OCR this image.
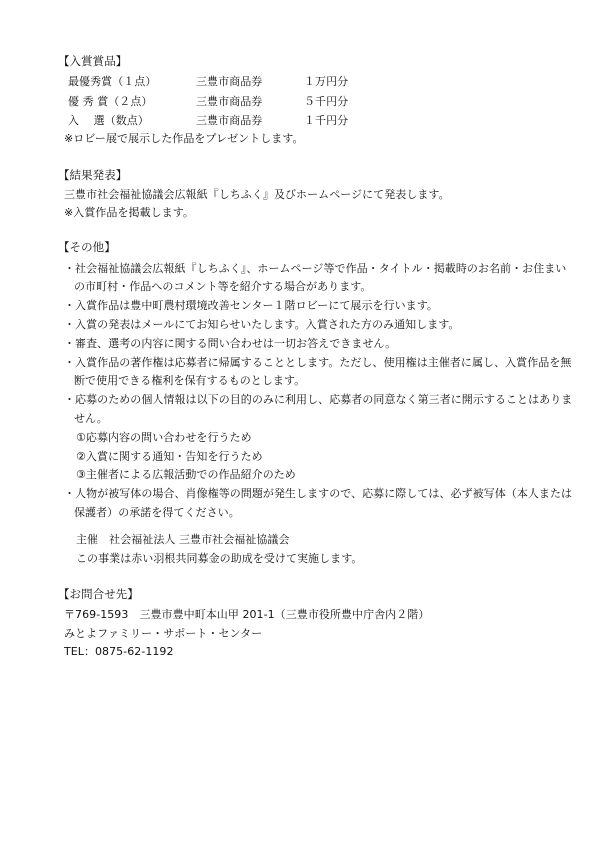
【入賞賞品】
最優秀賞（１点）	三豊市商品券	１万円分
優 秀 賞（２点）	三豊市商品券	５千円分
入　 選（数点）	三豊市商品券	１千円分
※ロビー展で展示した作品をプレゼントします。
【結果発表】
三豊市社会福祉協議会広報紙『しちふく』及びホームページにて発表します。
※入賞作品を掲載します。
【その他】
・社会福祉協議会広報紙『しちふく』、ホームページ等で作品・タイトル・掲載時のお名前・お住まい
の市町村・作品へのコメント等を紹介する場合があります。
・入賞作品は豊中町農村環境改善センター１階ロビーにて展示を行います。
・入賞の発表はメールにてお知らせいたします。入賞された方のみ通知します。
・審査、選考の内容に関する問い合わせは一切お答えできません。
・入賞作品の著作権は応募者に帰属することとします。ただし、使用権は主催者に属し、入賞作品を無
断で使用できる権利を保有するものとします。
・応募のための個人情報は以下の目的のみに利用し、応募者の同意なく第三者に開示することはありま
せん。
①応募内容の問い合わせを行うため
②入賞に関する通知・告知を行うため
③主催者による広報活動での作品紹介のため
・人物が被写体の場合、肖像権等の問題が発生しますので、応募に際しては、必ず被写体（本人または
保護者）の承諾を得てください。
主催　社会福祉法人 三豊市社会福祉協議会
この事業は赤い羽根共同募金の助成を受けて実施します。
【お問合せ先】
〒769-1593　三豊市豊中町本山甲 201-1（三豊市役所豊中庁舎内２階）
みとよファミリー・サポート・センター
TEL：0875-62-1192
